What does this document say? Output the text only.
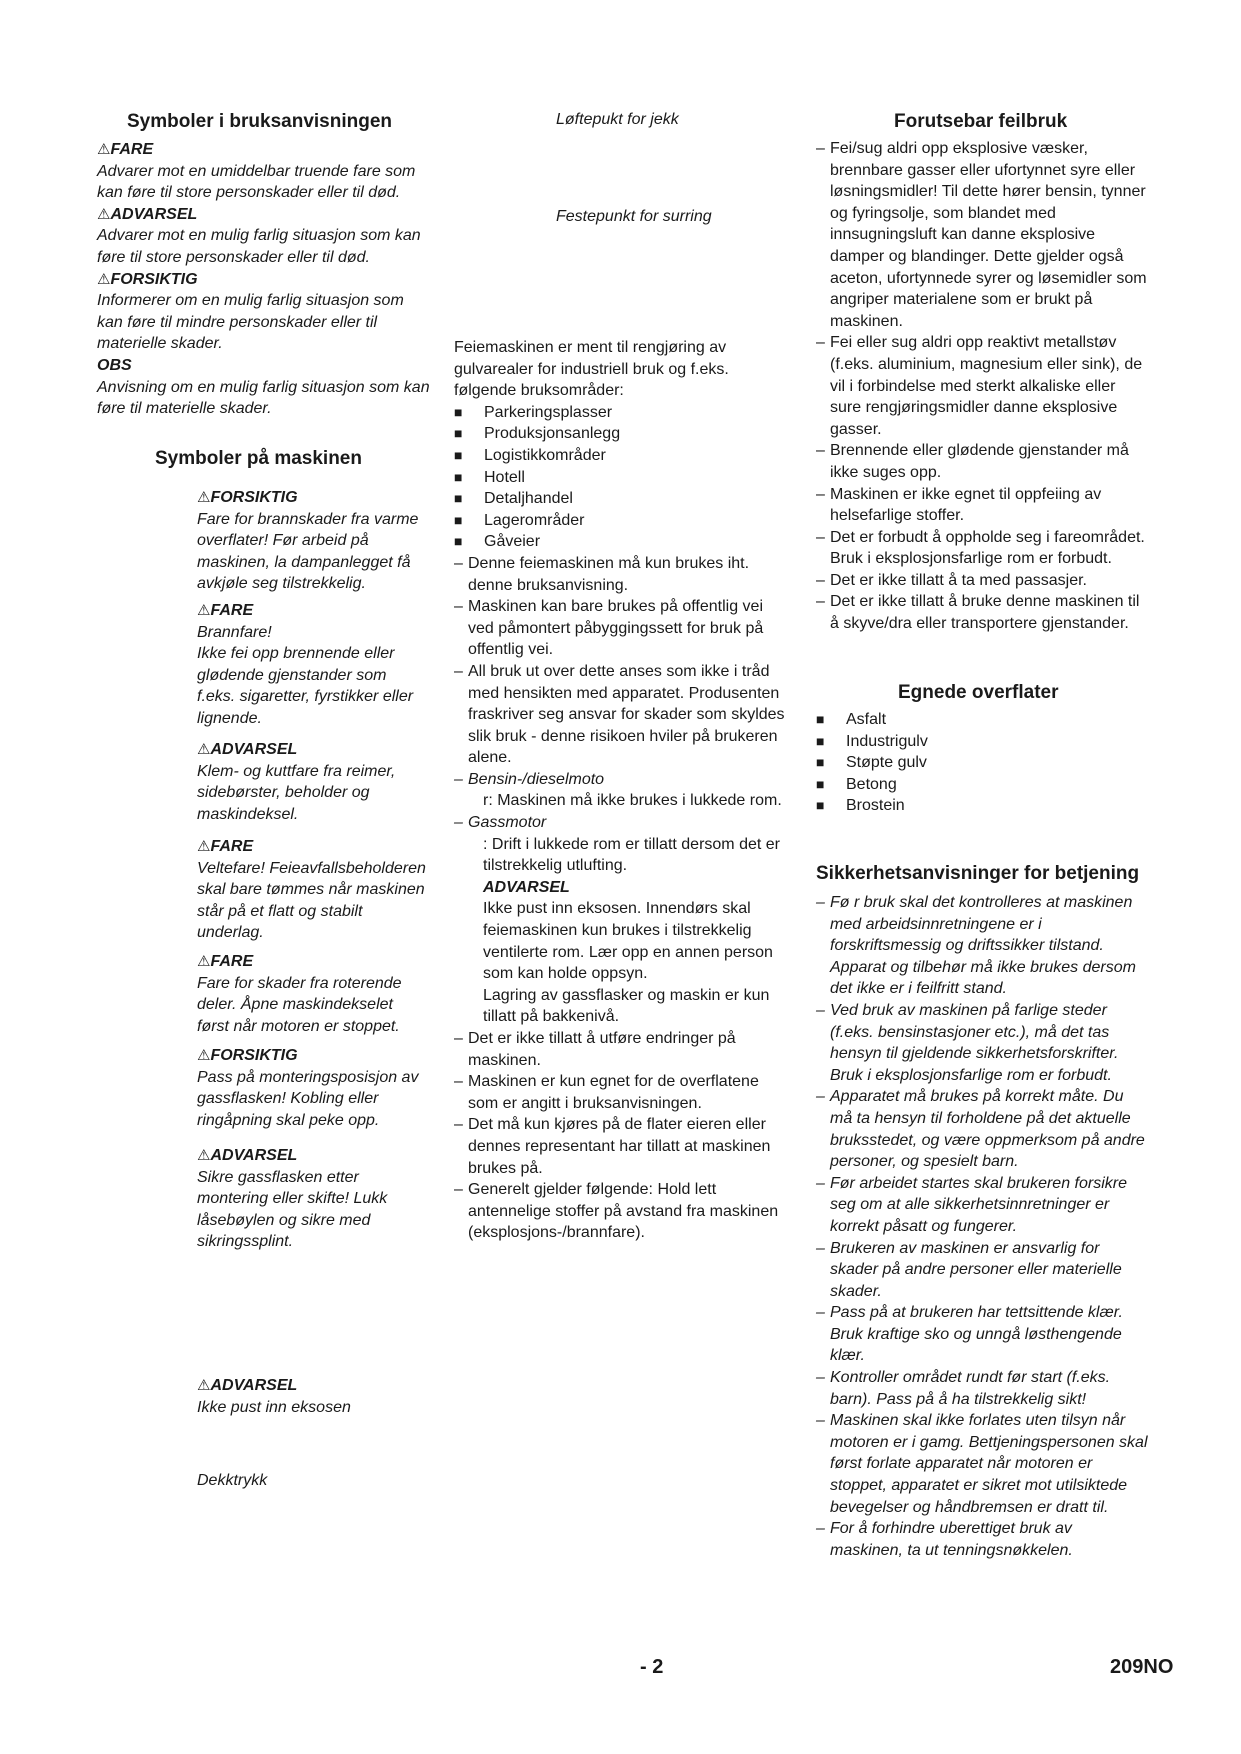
Symboler i bruksanvisningen
⚠FARE
Advarer mot en umiddelbar truende fare som kan føre til store personskader eller til død.
⚠ADVARSEL
Advarer mot en mulig farlig situasjon som kan føre til store personskader eller til død.
⚠FORSIKTIG
Informerer om en mulig farlig situasjon som kan føre til mindre personskader eller til materielle skader.
OBS
Anvisning om en mulig farlig situasjon som kan føre til materielle skader.
Symboler på maskinen
⚠FORSIKTIG
Fare for brannskader fra varme overflater! Før arbeid på maskinen, la dampanlegget få avkjøle seg tilstrekkelig.
⚠FARE
Brannfare!
Ikke fei opp brennende eller glødende gjenstander som f.eks. sigaretter, fyrstikker eller lignende.
⚠ADVARSEL
Klem- og kuttfare fra reimer, sidebørster, beholder og maskindeksel.
⚠FARE
Veltefare! Feieavfallsbeholderen skal bare tømmes når maskinen står på et flatt og stabilt underlag.
⚠FARE
Fare for skader fra roterende deler. Åpne maskindekselet først når motoren er stoppet.
⚠FORSIKTIG
Pass på monteringsposisjon av gassflasken! Kobling eller ringåpning skal peke opp.
⚠ADVARSEL
Sikre gassflasken etter montering eller skifte! Lukk låsebøylen og sikre med sikringssplint.
⚠ADVARSEL
Ikke pust inn eksosen
Dekktrykk
Løftepukt for jekk
Festepunkt for surring
Feiemaskinen er ment til rengjøring av gulvarealer for industriell bruk og f.eks. følgende bruksområder:
■ Parkeringsplasser
■ Produksjonsanlegg
■ Logistikkområder
■ Hotell
■ Detaljhandel
■ Lagerområder
■ Gåveier
– Denne feiemaskinen må kun brukes iht. denne bruksanvisning.
– Maskinen kan bare brukes på offentlig vei ved påmontert påbyggingssett for bruk på offentlig vei.
– All bruk ut over dette anses som ikke i tråd med hensikten med apparatet. Produsenten fraskriver seg ansvar for skader som skyldes slik bruk - denne risikoen hviler på brukeren alene.
– Bensin-/dieselmoto
r: Maskinen må ikke brukes i lukkede rom.
– Gassmotor
: Drift i lukkede rom er tillatt dersom det er tilstrekkelig utlufting.
ADVARSEL
Ikke pust inn eksosen. Innendørs skal feiemaskinen kun brukes i tilstrekkelig ventilerte rom. Lær opp en annen person som kan holde oppsyn.
Lagring av gassflasker og maskin er kun tillatt på bakkenivå.
– Det er ikke tillatt å utføre endringer på maskinen.
– Maskinen er kun egnet for de overflatene som er angitt i bruksanvisningen.
– Det må kun kjøres på de flater eieren eller dennes representant har tillatt at maskinen brukes på.
– Generelt gjelder følgende: Hold lett antennelige stoffer på avstand fra maskinen (eksplosjons-/brannfare).
Forutsebar feilbruk
– Fei/sug aldri opp eksplosive væsker, brennbare gasser eller ufortynnet syre eller løsningsmidler! Til dette hører bensin, tynner og fyringsolje, som blandet med innsugningsluft kan danne eksplosive damper og blandinger. Dette gjelder også aceton, ufortynnede syrer og løsemidler som angriper materialene som er brukt på maskinen.
– Fei eller sug aldri opp reaktivt metallstøv (f.eks. aluminium, magnesium eller sink), de vil i forbindelse med sterkt alkaliske eller sure rengjøringsmidler danne eksplosive gasser.
– Brennende eller glødende gjenstander må ikke suges opp.
– Maskinen er ikke egnet til oppfeiing av helsefarlige stoffer.
– Det er forbudt å oppholde seg i fareområdet. Bruk i eksplosjonsfarlige rom er forbudt.
– Det er ikke tillatt å ta med passasjer.
– Det er ikke tillatt å bruke denne maskinen til å skyve/dra eller transportere gjenstander.
Egnede overflater
■ Asfalt
■ Industrigulv
■ Støpte gulv
■ Betong
■ Brostein
Sikkerhetsanvisninger for betjening
– Fø r bruk skal det kontrolleres at maskinen med arbeidsinnretningene er i forskriftsmessig og driftssikker tilstand. Apparat og tilbehør må ikke brukes dersom det ikke er i feilfritt stand.
– Ved bruk av maskinen på farlige steder (f.eks. bensinstasjoner etc.), må det tas hensyn til gjeldende sikkerhetsforskrifter. Bruk i eksplosjonsfarlige rom er forbudt.
– Apparatet må brukes på korrekt måte. Du må ta hensyn til forholdene på det aktuelle bruksstedet, og være oppmerksom på andre personer, og spesielt barn.
– Før arbeidet startes skal brukeren forsikre seg om at alle sikkerhetsinnretninger er korrekt påsatt og fungerer.
– Brukeren av maskinen er ansvarlig for skader på andre personer eller materielle skader.
– Pass på at brukeren har tettsittende klær. Bruk kraftige sko og unngå løsthengende klær.
– Kontroller området rundt før start (f.eks. barn). Pass på å ha tilstrekkelig sikt!
– Maskinen skal ikke forlates uten tilsyn når motoren er i gamg. Bettjeningspersonen skal først forlate apparatet når motoren er stoppet, apparatet er sikret mot utilsiktede bevegelser og håndbremsen er dratt til.
– For å forhindre uberettiget bruk av maskinen, ta ut tenningsnøkkelen.
- 2	209NO
